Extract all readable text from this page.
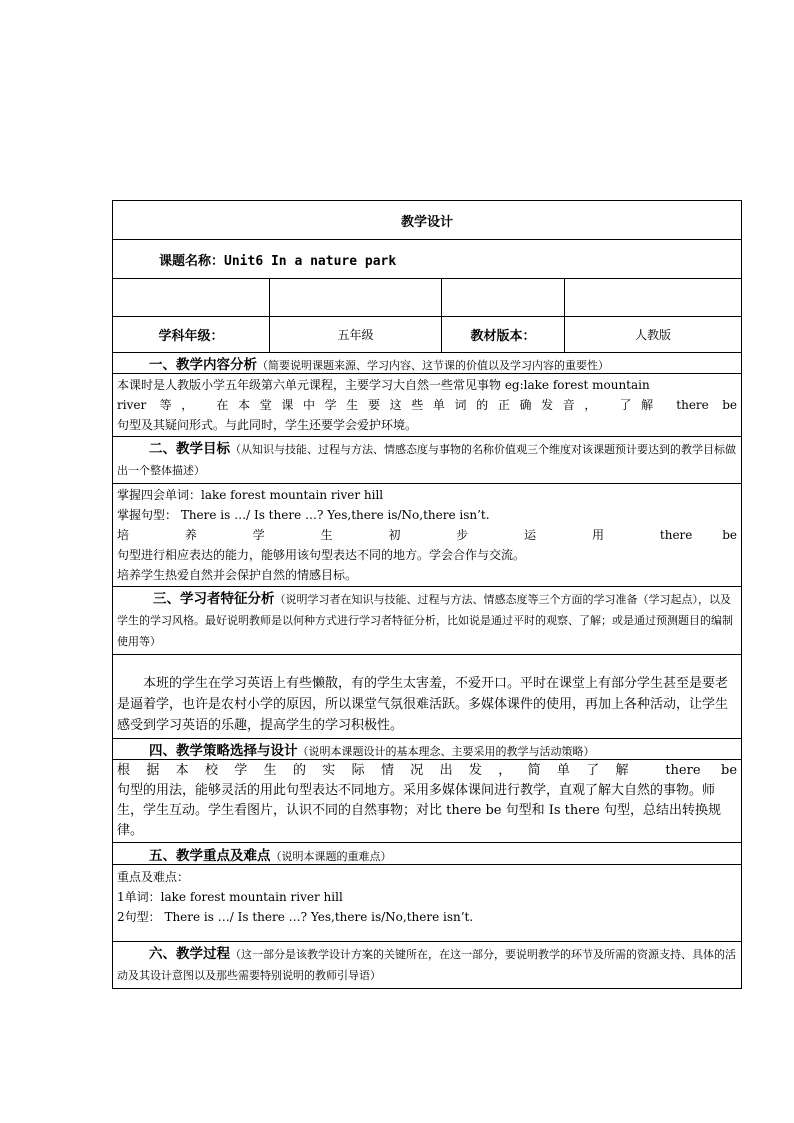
教学设计			
课题名称：Unit6 In a nature park			

学科年级：	五年级	教材版本：	人教版
一、教学内容分析（简要说明课题来源、学习内容、这节课的价值以及学习内容的重要性）			

本课时是人教版小学五年级第六单元课程，主要学习大自然一些常见事物 eg:lake forest mountain

river 等， 在本堂课中学生要这些单词的正确发音， 了解 there be

句型及其疑问形式。与此同时，学生还要学会爱护环境。			

二、教学目标（从知识与技能、过程与方法、情感态度与事物的名称价值观三个维度对该课题预计要达到的教学目标做出一个整体描述）			

掌握四会单词：lake forest mountain river hill

掌握句型： There is …/ Is there …? Yes,there is/No,there isn’t.

培 养 学 生 初 步 运 用 there be

句型进行相应表达的能力，能够用该句型表达不同的地方。学会合作与交流。

培养学生热爱自然并会保护自然的情感目标。			

三、学习者特征分析（说明学习者在知识与技能、过程与方法、情感态度等三个方面的学习准备（学习起点），以及学生的学习风格。最好说明教师是以何种方式进行学习者特征分析，比如说是通过平时的观察、了解；或是通过预测题目的编制使用等）			

本班的学生在学习英语上有些懒散，有的学生太害羞，不爱开口。平时在课堂上有部分学生甚至是要老是逼着学，也许是农村小学的原因，所以课堂气氛很难活跃。多媒体课件的使用，再加上各种活动，让学生感受到学习英语的乐趣，提高学生的学习积极性。			

四、教学策略选择与设计（说明本课题设计的基本理念、主要采用的教学与活动策略）			

根据本校学生的实际情况出发，简单了解 there be

句型的用法，能够灵活的用此句型表达不同地方。采用多媒体课间进行教学，直观了解大自然的事物。师生，学生互动。学生看图片，认识不同的自然事物；对比 there be 句型和 Is there 句型，总结出转换规律。			

五、教学重点及难点（说明本课题的重难点）			

重点及难点：

1单词：lake forest mountain river hill

2句型： There is …/ Is there …? Yes,there is/No,there isn’t.			

六、教学过程（这一部分是该教学设计方案的关键所在，在这一部分，要说明教学的环节及所需的资源支持、具体的活动及其设计意图以及那些需要特别说明的教师引导语）			
